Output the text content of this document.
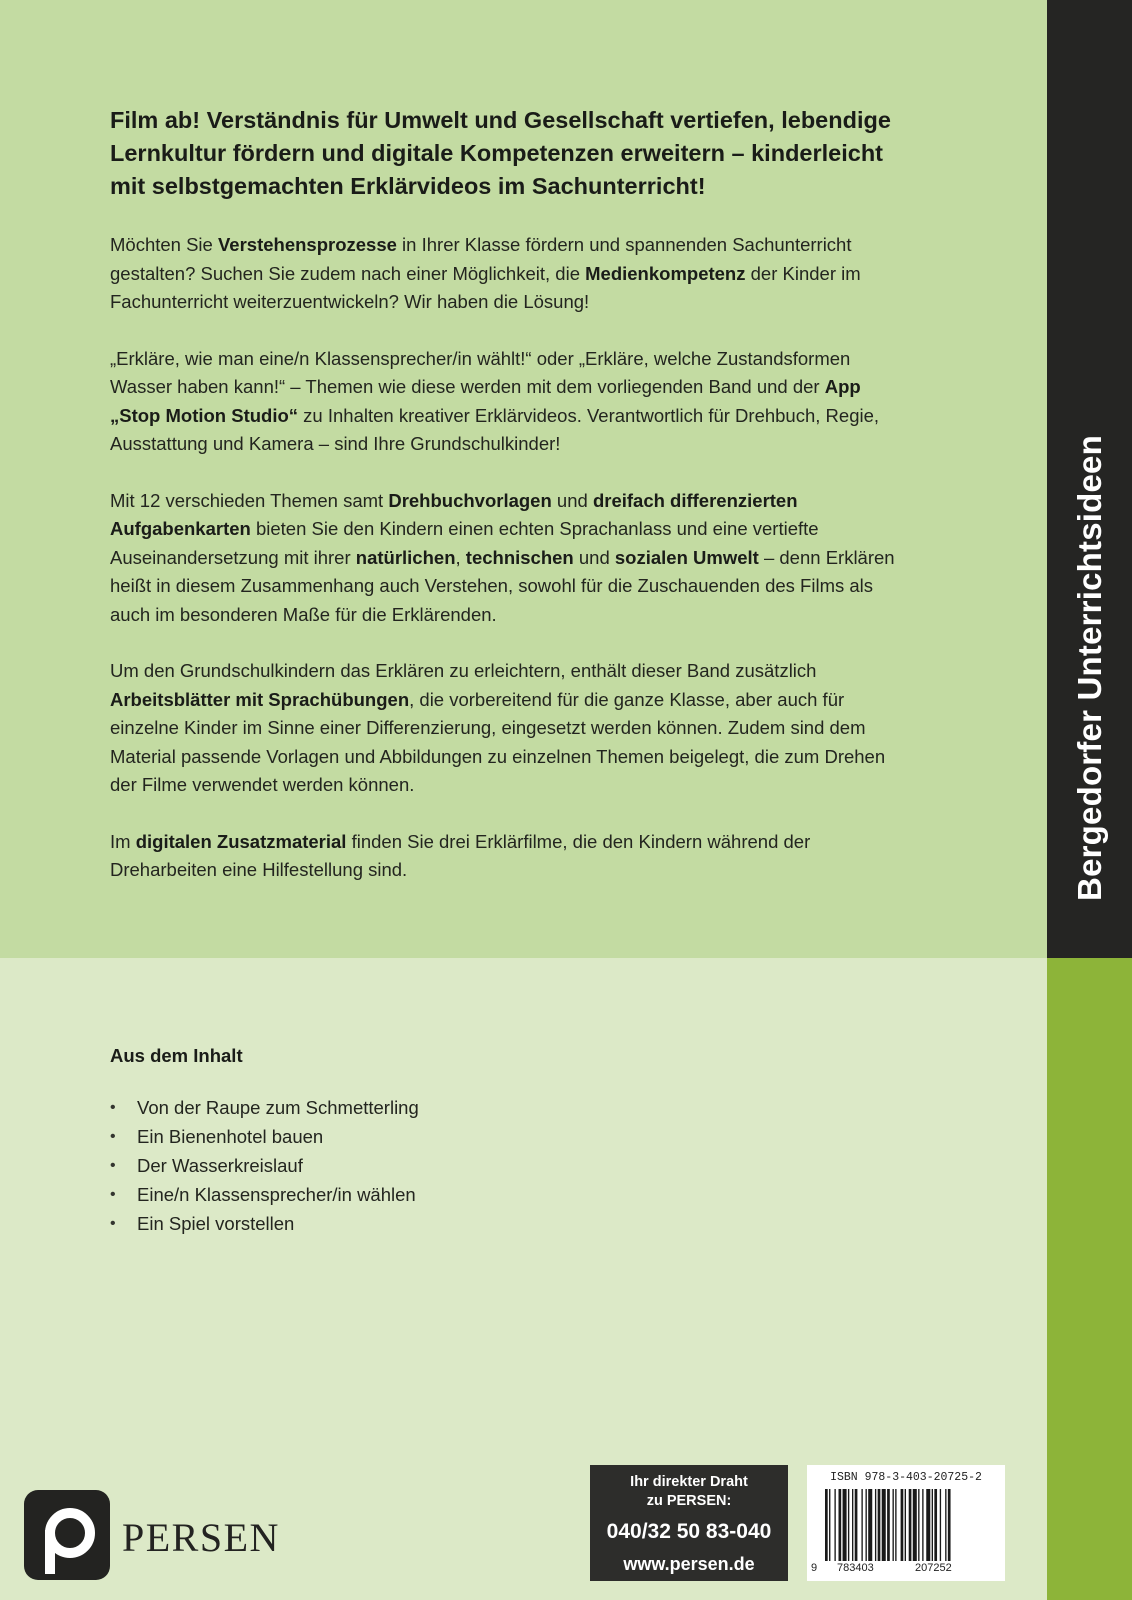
Bergedorfer Unterrichtsideen

Film ab! Verständnis für Umwelt und Gesellschaft vertiefen, lebendige Lernkultur fördern und digitale Kompetenzen erweitern – kinderleicht mit selbstgemachten Erklärvideos im Sachunterricht!

Möchten Sie Verstehensprozesse in Ihrer Klasse fördern und spannenden Sachunterricht gestalten? Suchen Sie zudem nach einer Möglichkeit, die Medienkompetenz der Kinder im Fachunterricht weiterzuentwickeln? Wir haben die Lösung!

„Erkläre, wie man eine/n Klassensprecher/in wählt!“ oder „Erkläre, welche Zustandsformen Wasser haben kann!“ – Themen wie diese werden mit dem vorliegenden Band und der App „Stop Motion Studio“ zu Inhalten kreativer Erklärvideos. Verantwortlich für Drehbuch, Regie, Ausstattung und Kamera – sind Ihre Grundschulkinder!

Mit 12 verschieden Themen samt Drehbuchvorlagen und dreifach differenzierten Aufgabenkarten bieten Sie den Kindern einen echten Sprachanlass und eine vertiefte Auseinandersetzung mit ihrer natürlichen, technischen und sozialen Umwelt – denn Erklären heißt in diesem Zusammenhang auch Verstehen, sowohl für die Zuschauenden des Films als auch im besonderen Maße für die Erklärenden.

Um den Grundschulkindern das Erklären zu erleichtern, enthält dieser Band zusätzlich Arbeitsblätter mit Sprachübungen, die vorbereitend für die ganze Klasse, aber auch für einzelne Kinder im Sinne einer Differenzierung, eingesetzt werden können. Zudem sind dem Material passende Vorlagen und Abbildungen zu einzelnen Themen beigelegt, die zum Drehen der Filme verwendet werden können.

Im digitalen Zusatzmaterial finden Sie drei Erklärfilme, die den Kindern während der Dreharbeiten eine Hilfestellung sind.

Aus dem Inhalt

• Von der Raupe zum Schmetterling
• Ein Bienenhotel bauen
• Der Wasserkreislauf
• Eine/n Klassensprecher/in wählen
• Ein Spiel vorstellen
PERSEN
Ihr direkter Draht
zu PERSEN:
040/32 50 83-040
www.persen.de
ISBN 978-3-403-20725-2
9 783403	207252
